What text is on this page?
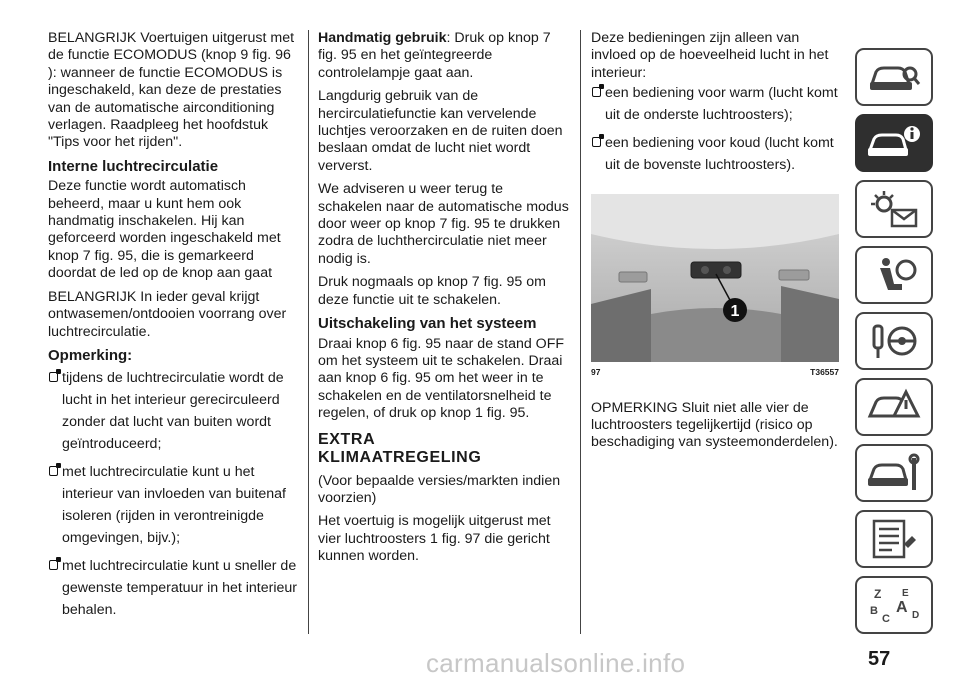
BELANGRIJK Voertuigen uitgerust met de functie ECOMODUS (knop 9 fig. 96 ): wanneer de functie ECOMODUS is ingeschakeld, kan deze de prestaties van de automatische airconditioning verlagen. Raadpleeg het hoofdstuk "Tips voor het rijden".

Interne luchtrecirculatie

Deze functie wordt automatisch beheerd, maar u kunt hem ook handmatig inschakelen. Hij kan geforceerd worden ingeschakeld met knop 7 fig. 95, die is gemarkeerd doordat de led op de knop aan gaat

BELANGRIJK In ieder geval krijgt ontwasemen/ontdooien voorrang over luchtrecirculatie.

Opmerking:

tijdens de luchtrecirculatie wordt de lucht in het interieur gerecirculeerd zonder dat lucht van buiten wordt geïntroduceerd;

met luchtrecirculatie kunt u het interieur van invloeden van buitenaf isoleren (rijden in verontreinigde omgevingen, bijv.);

met luchtrecirculatie kunt u sneller de gewenste temperatuur in het interieur behalen.

Handmatig gebruik: Druk op knop 7 fig. 95 en het geïntegreerde controlelampje gaat aan.

Langdurig gebruik van de hercirculatiefunctie kan vervelende luchtjes veroorzaken en de ruiten doen beslaan omdat de lucht niet wordt ververst.

We adviseren u weer terug te schakelen naar de automatische modus door weer op knop 7 fig. 95 te drukken zodra de luchthercirculatie niet meer nodig is.

Druk nogmaals op knop 7 fig. 95 om deze functie uit te schakelen.

Uitschakeling van het systeem

Draai knop 6 fig. 95 naar de stand OFF om het systeem uit te schakelen. Draai aan knop 6 fig. 95 om het weer in te schakelen en de ventilatorsnelheid te regelen, of druk op knop 1 fig. 95.

EXTRA
KLIMAATREGELING

(Voor bepaalde versies/markten indien voorzien)

Het voertuig is mogelijk uitgerust met vier luchtroosters 1 fig. 97 die gericht kunnen worden.

Deze bedieningen zijn alleen van invloed op de hoeveelheid lucht in het interieur:

een bediening voor warm (lucht komt uit de onderste luchtroosters);

een bediening voor koud (lucht komt uit de bovenste luchtroosters).

1
97	T36557

OPMERKING Sluit niet alle vier de luchtroosters tegelijkertijd (risico op beschadiging van systeemonderdelen).

Z E
B A
C D
carmanualsonline.info	57
